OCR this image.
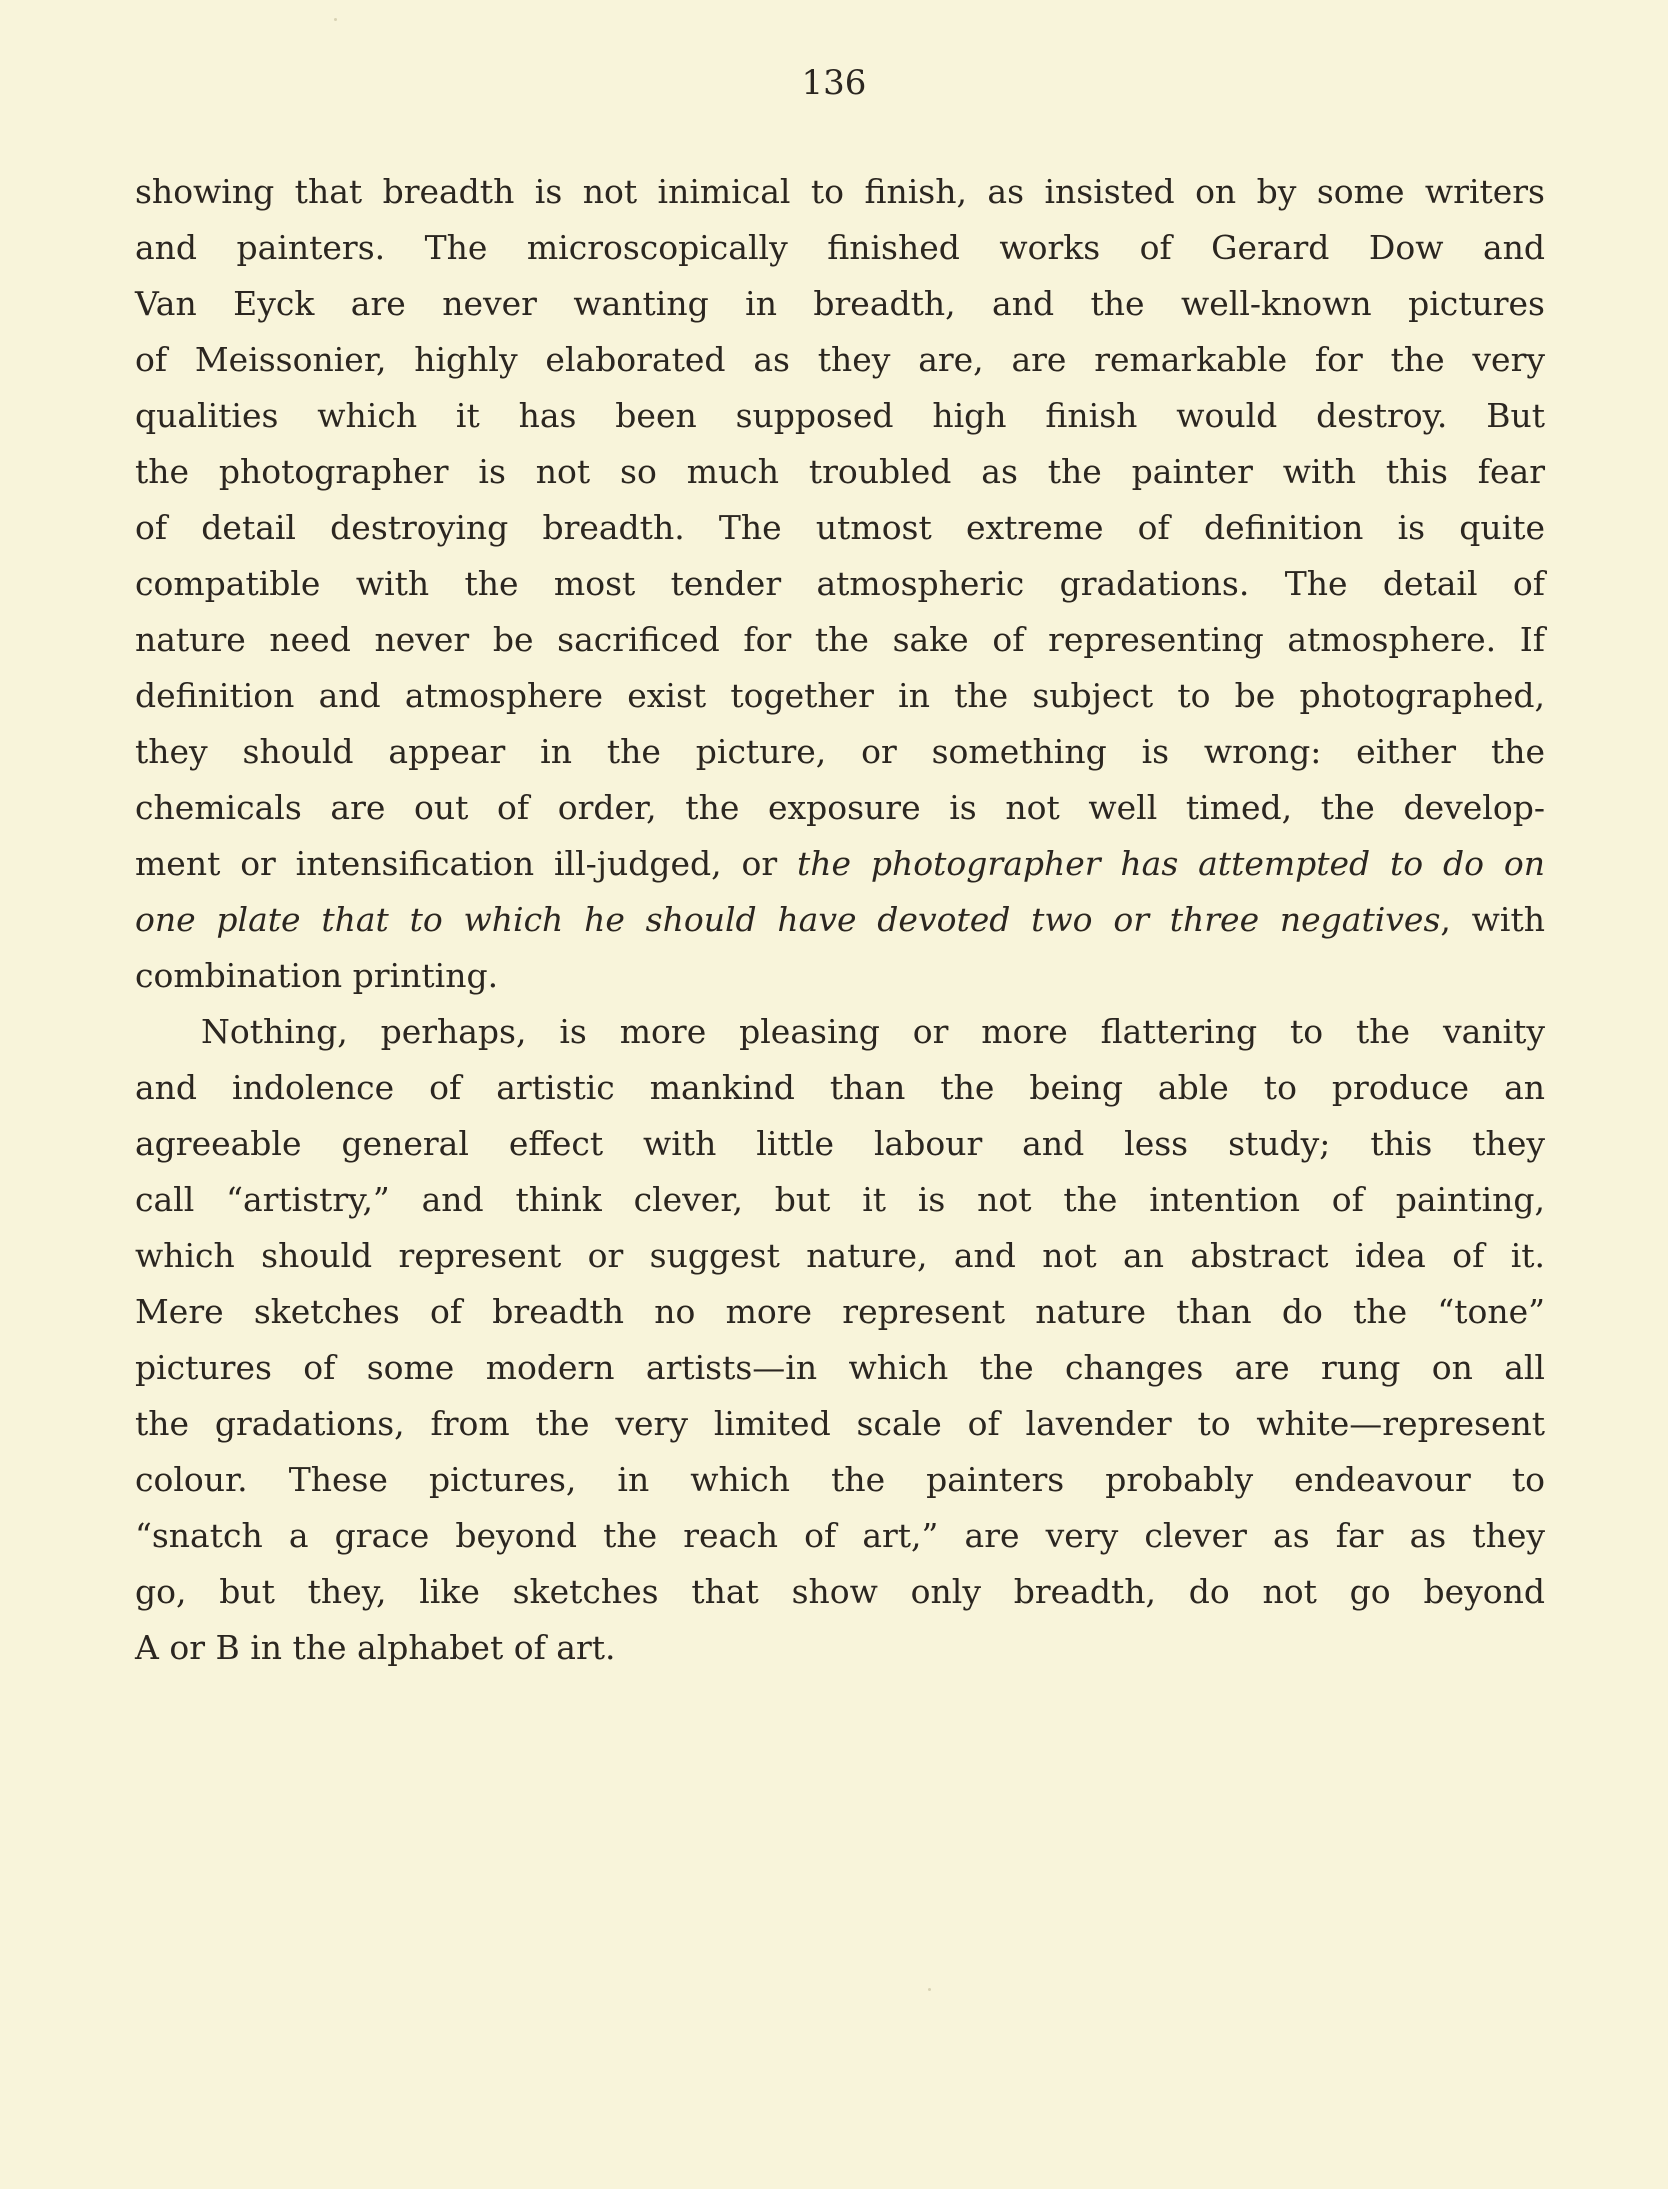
136
showing that breadth is not inimical to finish, as insisted on by some writers
and painters. The microscopically finished works of Gerard Dow and
Van Eyck are never wanting in breadth, and the well-known pictures
of Meissonier, highly elaborated as they are, are remarkable for the very
qualities which it has been supposed high finish would destroy. But
the photographer is not so much troubled as the painter with this fear
of detail destroying breadth. The utmost extreme of definition is quite
compatible with the most tender atmospheric gradations. The detail of
nature need never be sacrificed for the sake of representing atmosphere. If
definition and atmosphere exist together in the subject to be photographed,
they should appear in the picture, or something is wrong: either the
chemicals are out of order, the exposure is not well timed, the develop-
ment or intensification ill-judged, or the photographer has attempted to do on
one plate that to which he should have devoted two or three negatives, with
combination printing.
Nothing, perhaps, is more pleasing or more flattering to the vanity
and indolence of artistic mankind than the being able to produce an
agreeable general effect with little labour and less study; this they
call “artistry,” and think clever, but it is not the intention of painting,
which should represent or suggest nature, and not an abstract idea of it.
Mere sketches of breadth no more represent nature than do the “tone”
pictures of some modern artists—in which the changes are rung on all
the gradations, from the very limited scale of lavender to white—represent
colour. These pictures, in which the painters probably endeavour to
“snatch a grace beyond the reach of art,” are very clever as far as they
go, but they, like sketches that show only breadth, do not go beyond
A or B in the alphabet of art.
